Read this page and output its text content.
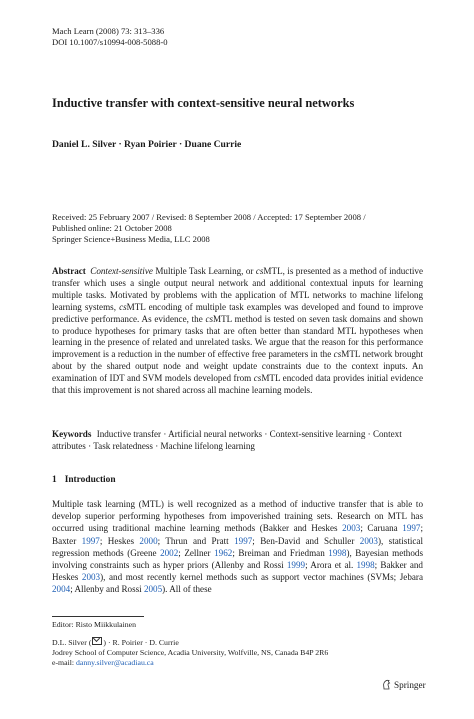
Mach Learn (2008) 73: 313–336
DOI 10.1007/s10994-008-5088-0
Inductive transfer with context-sensitive neural networks
Daniel L. Silver · Ryan Poirier · Duane Currie
Received: 25 February 2007 / Revised: 8 September 2008 / Accepted: 17 September 2008 /
Published online: 21 October 2008
Springer Science+Business Media, LLC 2008
Abstract Context-sensitive Multiple Task Learning, or csMTL, is presented as a method of inductive transfer which uses a single output neural network and additional contextual inputs for learning multiple tasks. Motivated by problems with the application of MTL networks to machine lifelong learning systems, csMTL encoding of multiple task examples was developed and found to improve predictive performance. As evidence, the csMTL method is tested on seven task domains and shown to produce hypotheses for primary tasks that are often better than standard MTL hypotheses when learning in the presence of related and unrelated tasks. We argue that the reason for this performance improvement is a reduction in the number of effective free parameters in the csMTL network brought about by the shared output node and weight update constraints due to the context inputs. An examination of IDT and SVM models developed from csMTL encoded data provides initial evidence that this improvement is not shared across all machine learning models.
Keywords Inductive transfer · Artificial neural networks · Context-sensitive learning · Context attributes · Task relatedness · Machine lifelong learning
1 Introduction
Multiple task learning (MTL) is well recognized as a method of inductive transfer that is able to develop superior performing hypotheses from impoverished training sets. Research on MTL has occurred using traditional machine learning methods (Bakker and Heskes 2003; Caruana 1997; Baxter 1997; Heskes 2000; Thrun and Pratt 1997; Ben-David and Schuller 2003), statistical regression methods (Greene 2002; Zellner 1962; Breiman and Friedman 1998), Bayesian methods involving constraints such as hyper priors (Allenby and Rossi 1999; Arora et al. 1998; Bakker and Heskes 2003), and most recently kernel methods such as support vector machines (SVMs; Jebara 2004; Allenby and Rossi 2005). All of these
Editor: Risto Miikkulainen
D.L. Silver ( ) · R. Poirier · D. Currie
Jodrey School of Computer Science, Acadia University, Wolfville, NS, Canada B4P 2R6
e-mail: danny.silver@acadiau.ca
Springer
